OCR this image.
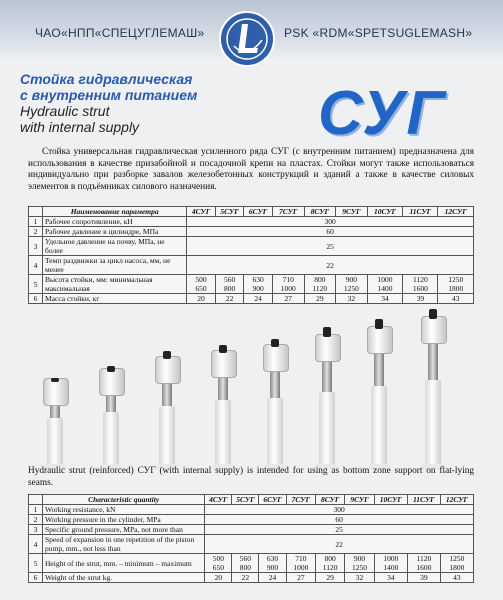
ЧАО«НПП«СПЕЦУГЛЕМАШ»	PSK «RDM«SPETSUGLEMASH»
Стойка гидравлическая
с внутренним питанием
Hydraulic strut
with internal supply	СУГ
Стойка универсальная гидравлическая усиленного ряда СУГ (с внутренним питанием) предназначена для использования в качестве призабойной и посадочной крепи на пластах. Стойки могут также использоваться индивидуально при разборке завалов железобетонных конструкций и зданий а также в качестве силовых элементов в подъёмниках силового назначения.
	Наименование параметра	4СУГ	5СУГ	6СУГ	7СУГ	8СУГ	9СУГ	10СУГ	11СУГ	12СУГ
1	Рабочее сопротивление, кН	300								
2	Рабочее давление в цилиндре, МПа	60								
3	Удельное давление на почву, МПа, не более	25								
4	Темп раздвижки за цикл насоса, мм, не менее	22								
5	Высота стойки, мм: минимальная максимальная	500 650	560 800	630 900	710 1000	800 1120	900 1250	1000 1400	1120 1600	1250 1800
6	Масса стойки, кг	20	22	24	27	29	32	34	39	43
Hydraulic strut (reinforced) СУГ (with internal supply) is intended for using as bottom zone support on flat-lying seams.
	Characteristic quantity	4СУГ	5СУГ	6СУГ	7СУГ	8СУГ	9СУГ	10СУГ	11СУГ	12СУГ
1	Working resistance, kN	300								
2	Working pressure in the cylinder, MPa	60								
3	Specific ground pressure, MPa, not more than	25								
4	Speed of expansion in one repetition of the piston pump, mm., not less than	22								
5	Height of the strut, mm. – minimum – maximum	500 650	560 800	630 900	710 1000	800 1120	900 1250	1000 1400	1120 1600	1250 1800
6	Weight of the strut kg.	20	22	24	27	29	32	34	39	43
